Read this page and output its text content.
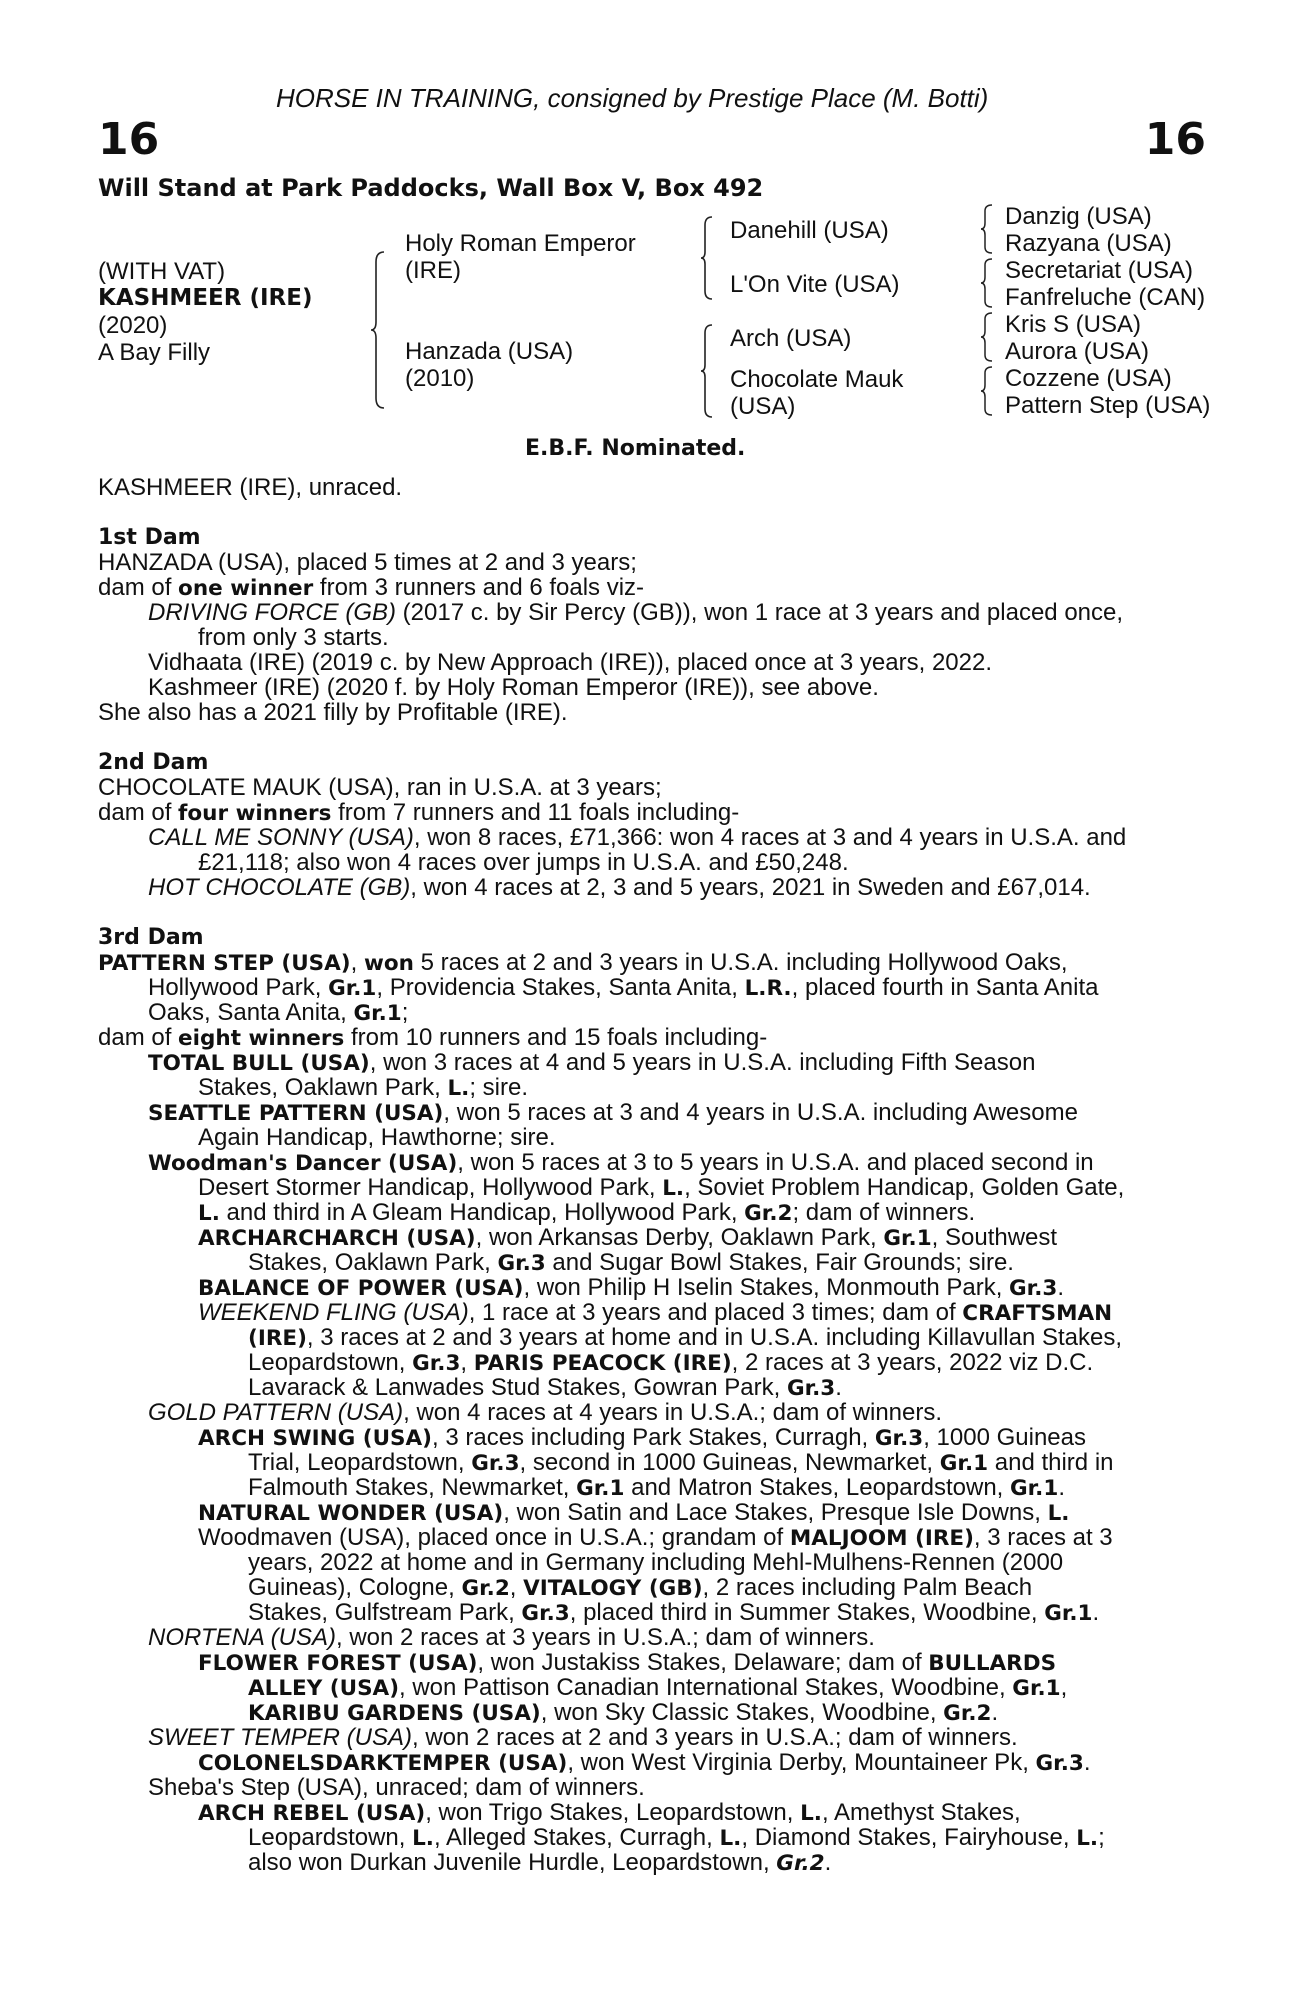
HORSE IN TRAINING, consigned by Prestige Place (M. Botti)
16	16
Will Stand at Park Paddocks, Wall Box V, Box 492
(WITH VAT)
KASHMEER (IRE)
(2020)
A Bay Filly
Holy Roman Emperor
(IRE)
Hanzada (USA)
(2010)
Danehill (USA)
L'On Vite (USA)
Arch (USA)
Chocolate Mauk
(USA)
Danzig (USA)
Razyana (USA)
Secretariat (USA)
Fanfreluche (CAN)
Kris S (USA)
Aurora (USA)
Cozzene (USA)
Pattern Step (USA)
E.B.F. Nominated.
KASHMEER (IRE), unraced.
1st Dam
HANZADA (USA), placed 5 times at 2 and 3 years;
dam of one winner from 3 runners and 6 foals viz-
DRIVING FORCE (GB) (2017 c. by Sir Percy (GB)), won 1 race at 3 years and placed once,
from only 3 starts.
Vidhaata (IRE) (2019 c. by New Approach (IRE)), placed once at 3 years, 2022.
Kashmeer (IRE) (2020 f. by Holy Roman Emperor (IRE)), see above.
She also has a 2021 filly by Profitable (IRE).
2nd Dam
CHOCOLATE MAUK (USA), ran in U.S.A. at 3 years;
dam of four winners from 7 runners and 11 foals including-
CALL ME SONNY (USA), won 8 races, £71,366: won 4 races at 3 and 4 years in U.S.A. and
£21,118; also won 4 races over jumps in U.S.A. and £50,248.
HOT CHOCOLATE (GB), won 4 races at 2, 3 and 5 years, 2021 in Sweden and £67,014.
3rd Dam
PATTERN STEP (USA), won 5 races at 2 and 3 years in U.S.A. including Hollywood Oaks,
Hollywood Park, Gr.1, Providencia Stakes, Santa Anita, L.R., placed fourth in Santa Anita
Oaks, Santa Anita, Gr.1;
dam of eight winners from 10 runners and 15 foals including-
TOTAL BULL (USA), won 3 races at 4 and 5 years in U.S.A. including Fifth Season
Stakes, Oaklawn Park, L.; sire.
SEATTLE PATTERN (USA), won 5 races at 3 and 4 years in U.S.A. including Awesome
Again Handicap, Hawthorne; sire.
Woodman's Dancer (USA), won 5 races at 3 to 5 years in U.S.A. and placed second in
Desert Stormer Handicap, Hollywood Park, L., Soviet Problem Handicap, Golden Gate,
L. and third in A Gleam Handicap, Hollywood Park, Gr.2; dam of winners.
ARCHARCHARCH (USA), won Arkansas Derby, Oaklawn Park, Gr.1, Southwest
Stakes, Oaklawn Park, Gr.3 and Sugar Bowl Stakes, Fair Grounds; sire.
BALANCE OF POWER (USA), won Philip H Iselin Stakes, Monmouth Park, Gr.3.
WEEKEND FLING (USA), 1 race at 3 years and placed 3 times; dam of CRAFTSMAN
(IRE), 3 races at 2 and 3 years at home and in U.S.A. including Killavullan Stakes,
Leopardstown, Gr.3, PARIS PEACOCK (IRE), 2 races at 3 years, 2022 viz D.C.
Lavarack & Lanwades Stud Stakes, Gowran Park, Gr.3.
GOLD PATTERN (USA), won 4 races at 4 years in U.S.A.; dam of winners.
ARCH SWING (USA), 3 races including Park Stakes, Curragh, Gr.3, 1000 Guineas
Trial, Leopardstown, Gr.3, second in 1000 Guineas, Newmarket, Gr.1 and third in
Falmouth Stakes, Newmarket, Gr.1 and Matron Stakes, Leopardstown, Gr.1.
NATURAL WONDER (USA), won Satin and Lace Stakes, Presque Isle Downs, L.
Woodmaven (USA), placed once in U.S.A.; grandam of MALJOOM (IRE), 3 races at 3
years, 2022 at home and in Germany including Mehl-Mulhens-Rennen (2000
Guineas), Cologne, Gr.2, VITALOGY (GB), 2 races including Palm Beach
Stakes, Gulfstream Park, Gr.3, placed third in Summer Stakes, Woodbine, Gr.1.
NORTENA (USA), won 2 races at 3 years in U.S.A.; dam of winners.
FLOWER FOREST (USA), won Justakiss Stakes, Delaware; dam of BULLARDS
ALLEY (USA), won Pattison Canadian International Stakes, Woodbine, Gr.1,
KARIBU GARDENS (USA), won Sky Classic Stakes, Woodbine, Gr.2.
SWEET TEMPER (USA), won 2 races at 2 and 3 years in U.S.A.; dam of winners.
COLONELSDARKTEMPER (USA), won West Virginia Derby, Mountaineer Pk, Gr.3.
Sheba's Step (USA), unraced; dam of winners.
ARCH REBEL (USA), won Trigo Stakes, Leopardstown, L., Amethyst Stakes,
Leopardstown, L., Alleged Stakes, Curragh, L., Diamond Stakes, Fairyhouse, L.;
also won Durkan Juvenile Hurdle, Leopardstown, Gr.2.
